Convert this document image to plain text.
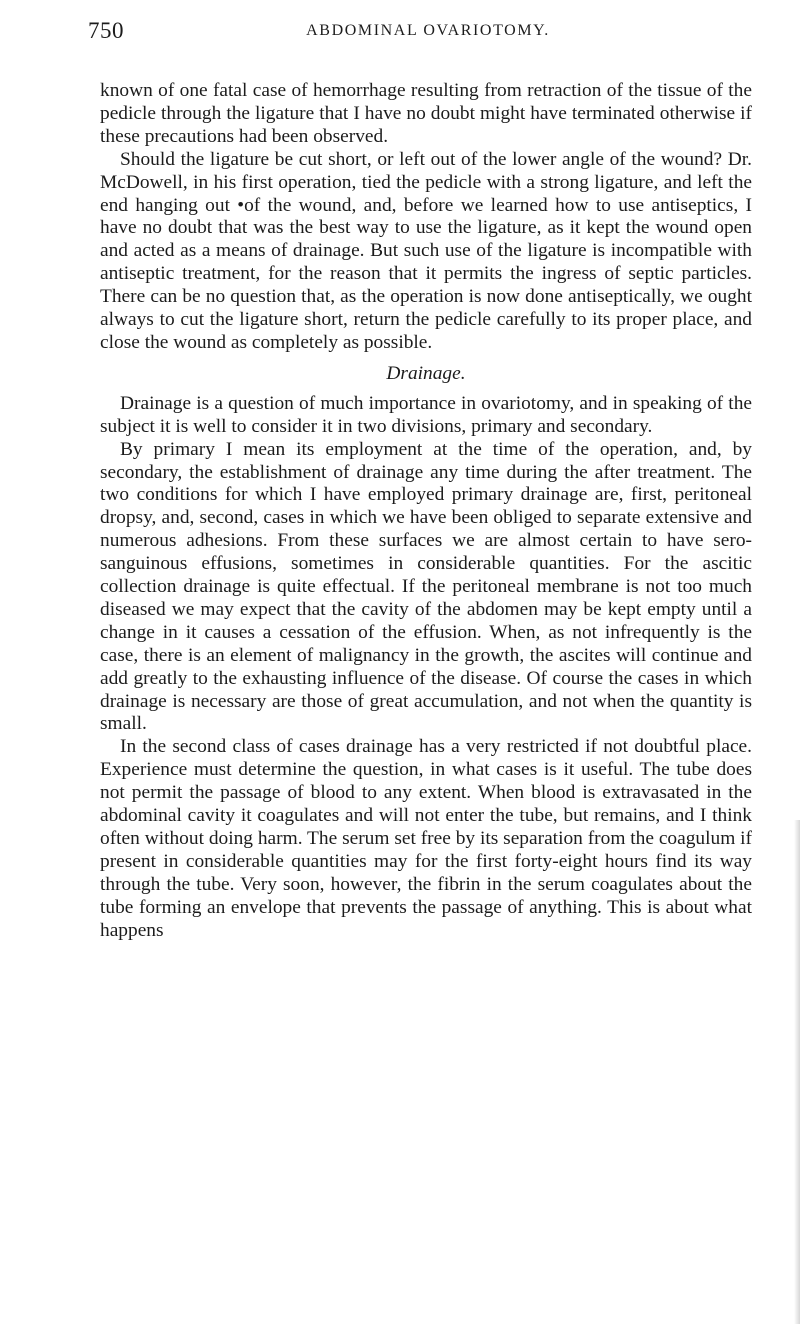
750	ABDOMINAL OVARIOTOMY.

known of one fatal case of hemorrhage resulting from retraction of the tissue of the pedicle through the ligature that I have no doubt might have terminated otherwise if these precautions had been observed.

Should the ligature be cut short, or left out of the lower angle of the wound? Dr. McDowell, in his first operation, tied the pedicle with a strong ligature, and left the end hanging out •of the wound, and, before we learned how to use antiseptics, I have no doubt that was the best way to use the ligature, as it kept the wound open and acted as a means of drainage. But such use of the ligature is incompatible with antiseptic treatment, for the reason that it permits the ingress of septic particles. There can be no question that, as the operation is now done antiseptically, we ought always to cut the ligature short, return the pedicle carefully to its proper place, and close the wound as completely as possible.

Drainage.

Drainage is a question of much importance in ovariotomy, and in speaking of the subject it is well to consider it in two divisions, primary and secondary.

By primary I mean its employment at the time of the operation, and, by secondary, the establishment of drainage any time during the after treatment. The two conditions for which I have employed primary drainage are, first, peritoneal dropsy, and, second, cases in which we have been obliged to separate extensive and numerous adhesions. From these surfaces we are almost certain to have sero-sanguinous effusions, sometimes in considerable quantities. For the ascitic collection drainage is quite effectual. If the peritoneal membrane is not too much diseased we may expect that the cavity of the abdomen may be kept empty until a change in it causes a cessation of the effusion. When, as not infrequently is the case, there is an element of malignancy in the growth, the ascites will continue and add greatly to the exhausting influence of the disease. Of course the cases in which drainage is necessary are those of great accumulation, and not when the quantity is small.

In the second class of cases drainage has a very restricted if not doubtful place. Experience must determine the question, in what cases is it useful. The tube does not permit the passage of blood to any extent. When blood is extravasated in the abdominal cavity it coagulates and will not enter the tube, but remains, and I think often without doing harm. The serum set free by its separation from the coagulum if present in considerable quantities may for the first forty-eight hours find its way through the tube. Very soon, however, the fibrin in the serum coagulates about the tube forming an envelope that prevents the passage of anything. This is about what happens
